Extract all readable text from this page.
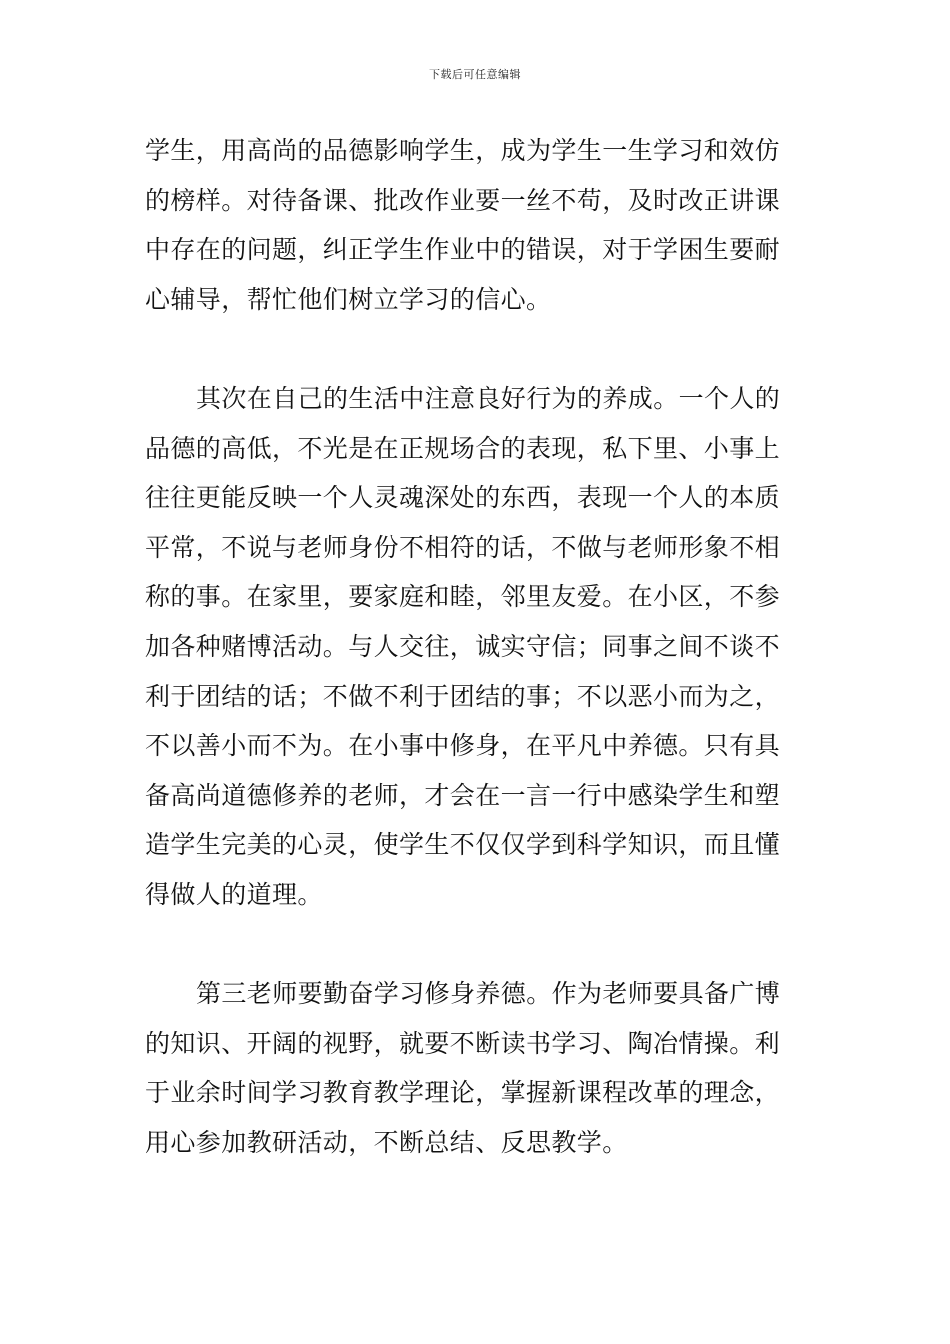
下载后可任意编辑
学生，用高尚的品德影响学生，成为学生一生学习和效仿
的榜样。对待备课、批改作业要一丝不苟，及时改正讲课
中存在的问题，纠正学生作业中的错误，对于学困生要耐
心辅导，帮忙他们树立学习的信心。
其次在自己的生活中注意良好行为的养成。一个人的
品德的高低，不光是在正规场合的表现，私下里、小事上
往往更能反映一个人灵魂深处的东西，表现一个人的本质
平常，不说与老师身份不相符的话，不做与老师形象不相
称的事。在家里，要家庭和睦，邻里友爱。在小区，不参
加各种赌博活动。与人交往，诚实守信；同事之间不谈不
利于团结的话；不做不利于团结的事；不以恶小而为之，
不以善小而不为。在小事中修身，在平凡中养德。只有具
备高尚道德修养的老师，才会在一言一行中感染学生和塑
造学生完美的心灵，使学生不仅仅学到科学知识，而且懂
得做人的道理。
第三老师要勤奋学习修身养德。作为老师要具备广博
的知识、开阔的视野，就要不断读书学习、陶冶情操。利
于业余时间学习教育教学理论，掌握新课程改革的理念，
用心参加教研活动，不断总结、反思教学。
